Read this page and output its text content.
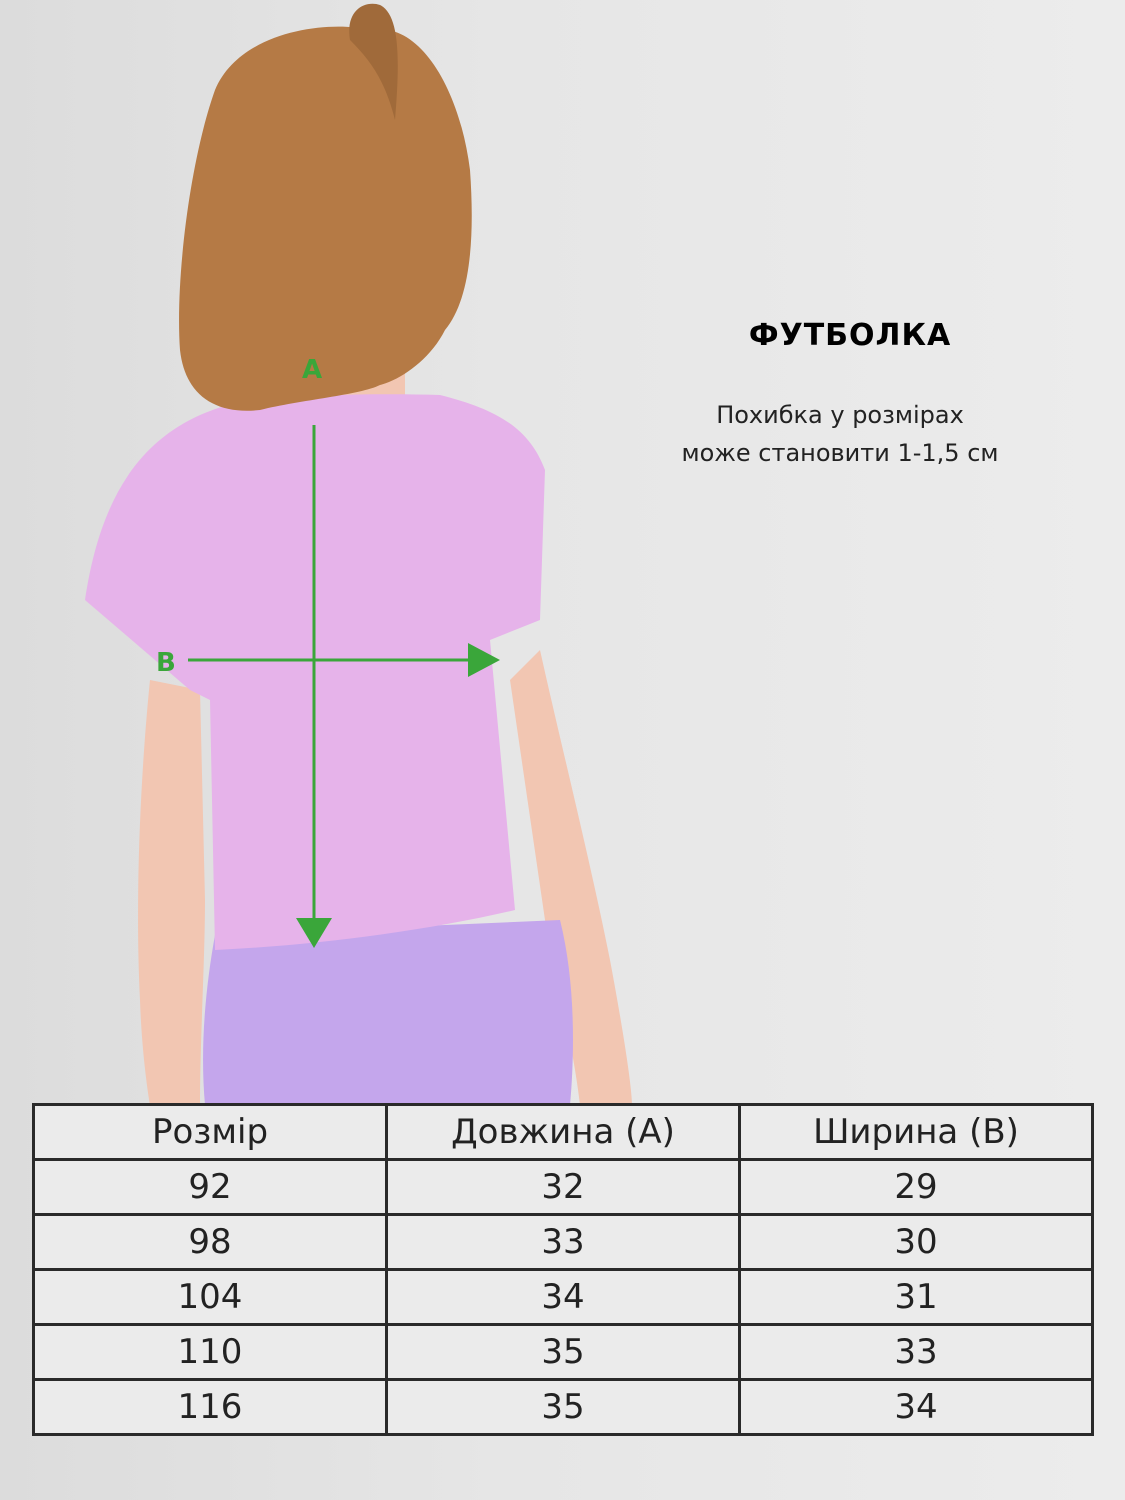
A
B
ФУТБОЛКА
Похибка у розмірах
може становити 1-1,5 см
Розмір	Довжина (А)	Ширина (В)
92	32	29
98	33	30
104	34	31
110	35	33
116	35	34
